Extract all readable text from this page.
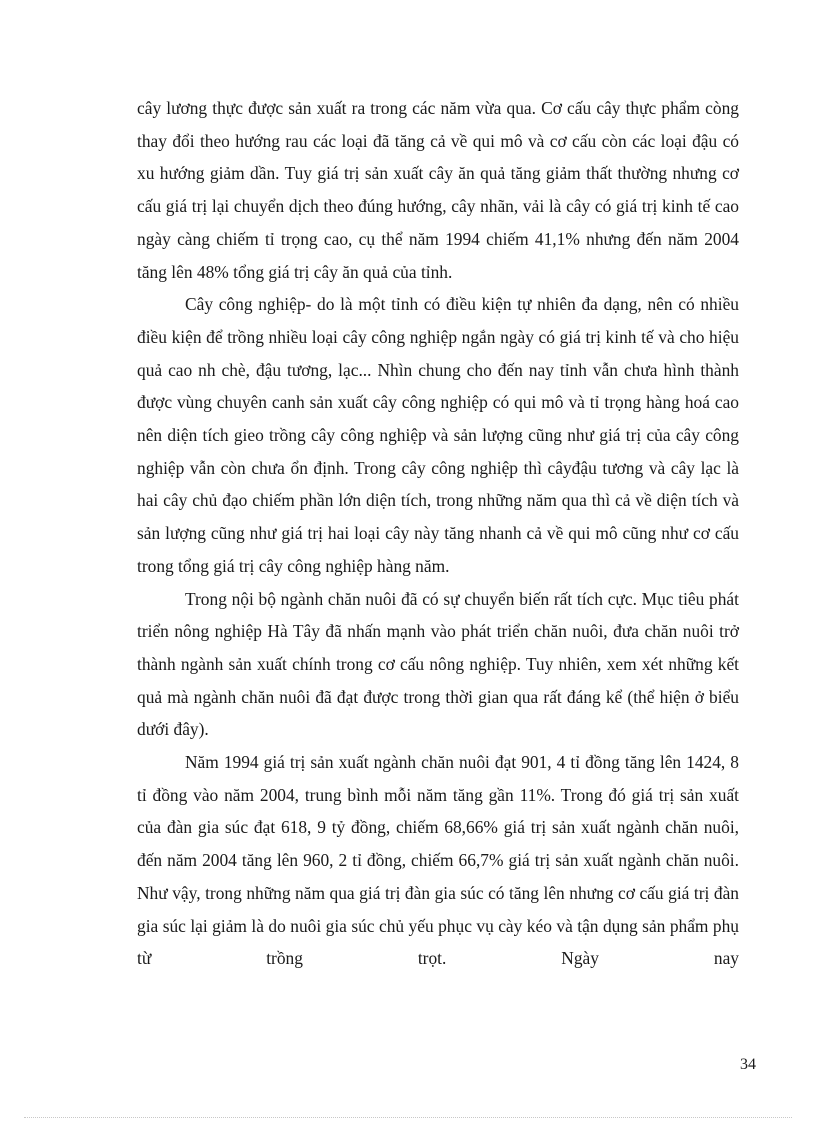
cây lương thực được sản xuất ra trong các năm vừa qua. Cơ cấu cây thực phẩm còng thay đổi theo hướng rau các loại đã tăng cả về qui mô và cơ cấu còn các loại đậu có xu hướng giảm dần. Tuy giá trị sản xuất cây ăn quả tăng giảm thất thường nhưng cơ cấu giá trị lại chuyển dịch theo đúng hướng, cây nhãn, vải là cây có giá trị kinh tế cao ngày càng chiếm tỉ trọng cao, cụ thể năm 1994 chiếm 41,1% nhưng đến năm 2004 tăng lên 48% tổng giá trị cây ăn quả của tỉnh.

Cây công nghiệp- do là một tỉnh có điều kiện tự nhiên đa dạng, nên có nhiều điều kiện để trồng nhiều loại cây công nghiệp ngắn ngày có giá trị kinh tế và cho hiệu quả cao nh chè, đậu tương, lạc... Nhìn chung cho đến nay tỉnh vẫn chưa hình thành được vùng chuyên canh sản xuất cây công nghiệp có qui mô và tỉ trọng hàng hoá cao nên diện tích gieo trồng cây công nghiệp và sản lượng cũng như giá trị của cây công nghiệp vẫn còn chưa ổn định. Trong cây công nghiệp thì câyđậu tương và cây lạc là hai cây chủ đạo chiếm phần lớn diện tích, trong những năm qua thì cả về diện tích và sản lượng cũng như giá trị hai loại cây này tăng nhanh cả về qui mô cũng như cơ cấu trong tổng giá trị cây công nghiệp hàng năm.

Trong nội bộ ngành chăn nuôi đã có sự chuyển biến rất tích cực. Mục tiêu phát triển nông nghiệp Hà Tây đã nhấn mạnh vào phát triển chăn nuôi, đưa chăn nuôi trở thành ngành sản xuất chính trong cơ cấu nông nghiệp. Tuy nhiên, xem xét những kết quả mà ngành chăn nuôi đã đạt được trong thời gian qua rất đáng kể (thể hiện ở biểu dưới đây).

Năm 1994 giá trị sản xuất ngành chăn nuôi đạt 901, 4 tỉ đồng tăng lên 1424, 8 tỉ đồng vào năm 2004, trung bình mỗi năm tăng gần 11%. Trong đó giá trị sản xuất của đàn gia súc đạt 618, 9 tỷ đồng, chiếm 68,66% giá trị sản xuất ngành chăn nuôi, đến năm 2004 tăng lên 960, 2 tỉ đồng, chiếm 66,7% giá trị sản xuất ngành chăn nuôi. Như vậy, trong những năm qua giá trị đàn gia súc có tăng lên nhưng cơ cấu giá trị đàn gia súc lại giảm là do nuôi gia súc chủ yếu phục vụ cày kéo và tận dụng sản phẩm phụ từ trồng trọt. Ngày nay

34
